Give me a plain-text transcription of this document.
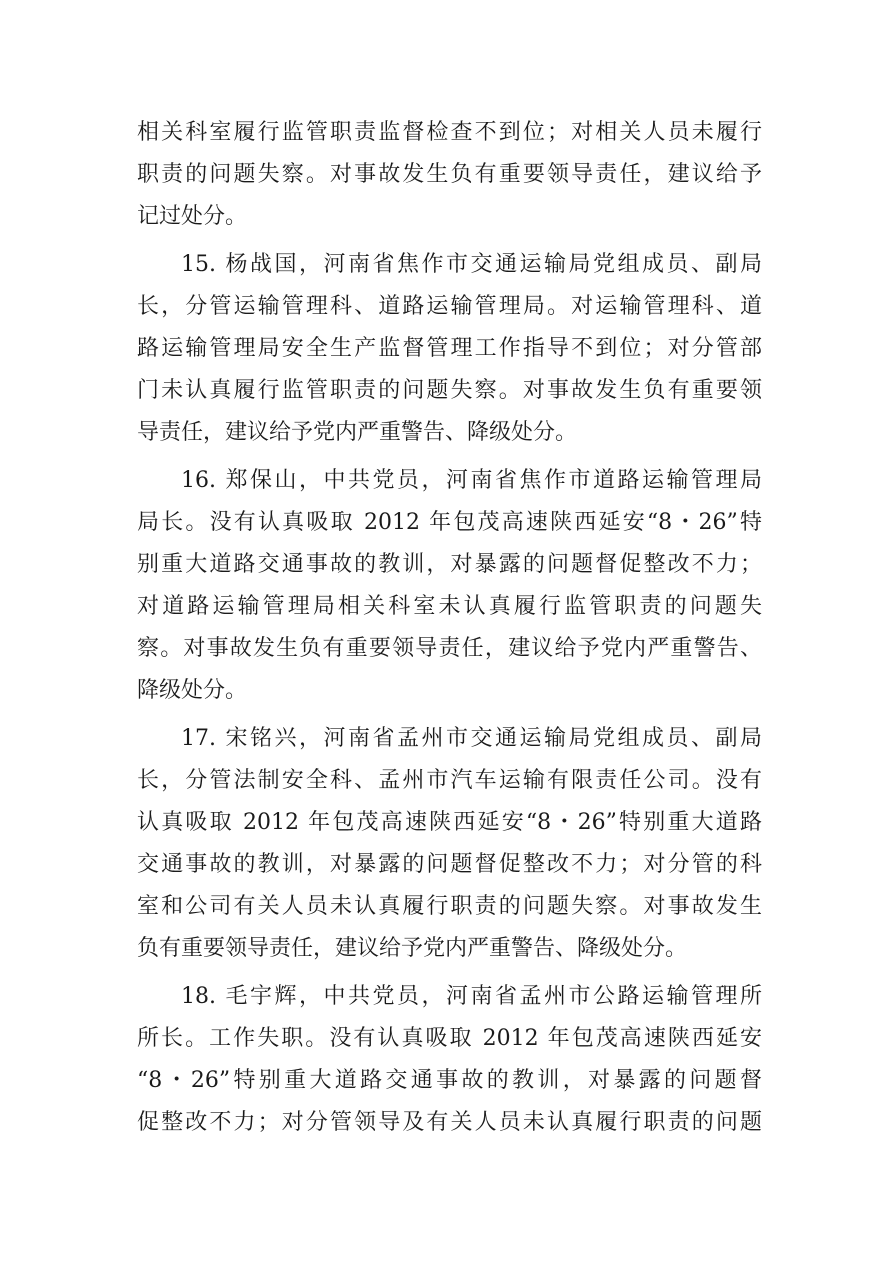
相关科室履行监管职责监督检查不到位；对相关人员未履行
职责的问题失察。对事故发生负有重要领导责任，建议给予
记过处分。
15. 杨战国，河南省焦作市交通运输局党组成员、副局
长，分管运输管理科、道路运输管理局。对运输管理科、道
路运输管理局安全生产监督管理工作指导不到位；对分管部
门未认真履行监管职责的问题失察。对事故发生负有重要领
导责任，建议给予党内严重警告、降级处分。
16. 郑保山，中共党员，河南省焦作市道路运输管理局
局长。没有认真吸取 2012 年包茂高速陕西延安“8・26”特
别重大道路交通事故的教训，对暴露的问题督促整改不力；
对道路运输管理局相关科室未认真履行监管职责的问题失
察。对事故发生负有重要领导责任，建议给予党内严重警告、
降级处分。
17. 宋铭兴，河南省孟州市交通运输局党组成员、副局
长，分管法制安全科、孟州市汽车运输有限责任公司。没有
认真吸取 2012 年包茂高速陕西延安“8・26”特别重大道路
交通事故的教训，对暴露的问题督促整改不力；对分管的科
室和公司有关人员未认真履行职责的问题失察。对事故发生
负有重要领导责任，建议给予党内严重警告、降级处分。
18. 毛宇辉，中共党员，河南省孟州市公路运输管理所
所长。工作失职。没有认真吸取 2012 年包茂高速陕西延安
“8・26”特别重大道路交通事故的教训，对暴露的问题督
促整改不力；对分管领导及有关人员未认真履行职责的问题
